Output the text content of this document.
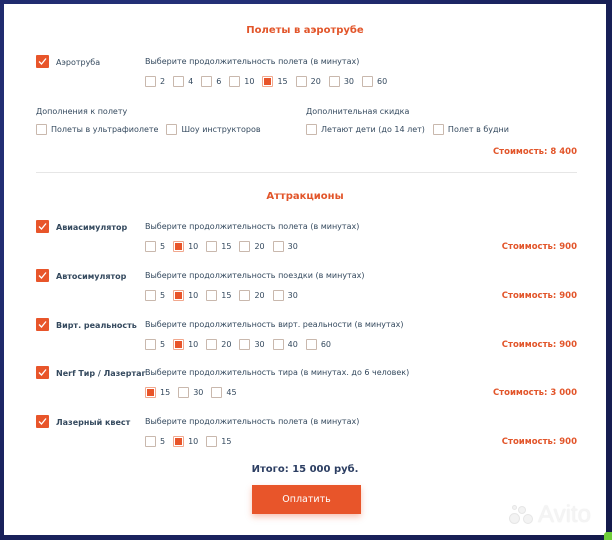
Полеты в аэротрубе
Аэротруба	Выберите продолжительность полета (в минутах)
2	4	6	10	15	20	30	60
Дополнения к полету
Полеты в ультрафиолете	Шоу инструкторов
Дополнительная скидка
Летают дети (до 14 лет)	Полет в будни
Стоимость: 8 400
Аттракционы
Авиасимулятор Выберите продолжительность полета (в минутах)
5	10	15	20	30	Стоимость: 900
Автосимулятор Выберите продолжительность поездки (в минутах)
5	10	15	20	30	Стоимость: 900
Вирт. реальность Выберите продолжительность вирт. реальности (в минутах)
5	10	20	30	40	60	Стоимость: 900
Nerf Тир / Лазертаг Выберите продолжительность тира (в минутах. до 6 человек)
15	30	45	Стоимость: 3 000
Лазерный квест Выберите продолжительность полета (в минутах)
5	10	15	Стоимость: 900
Итого: 15 000 руб.
Оплатить
Avito
